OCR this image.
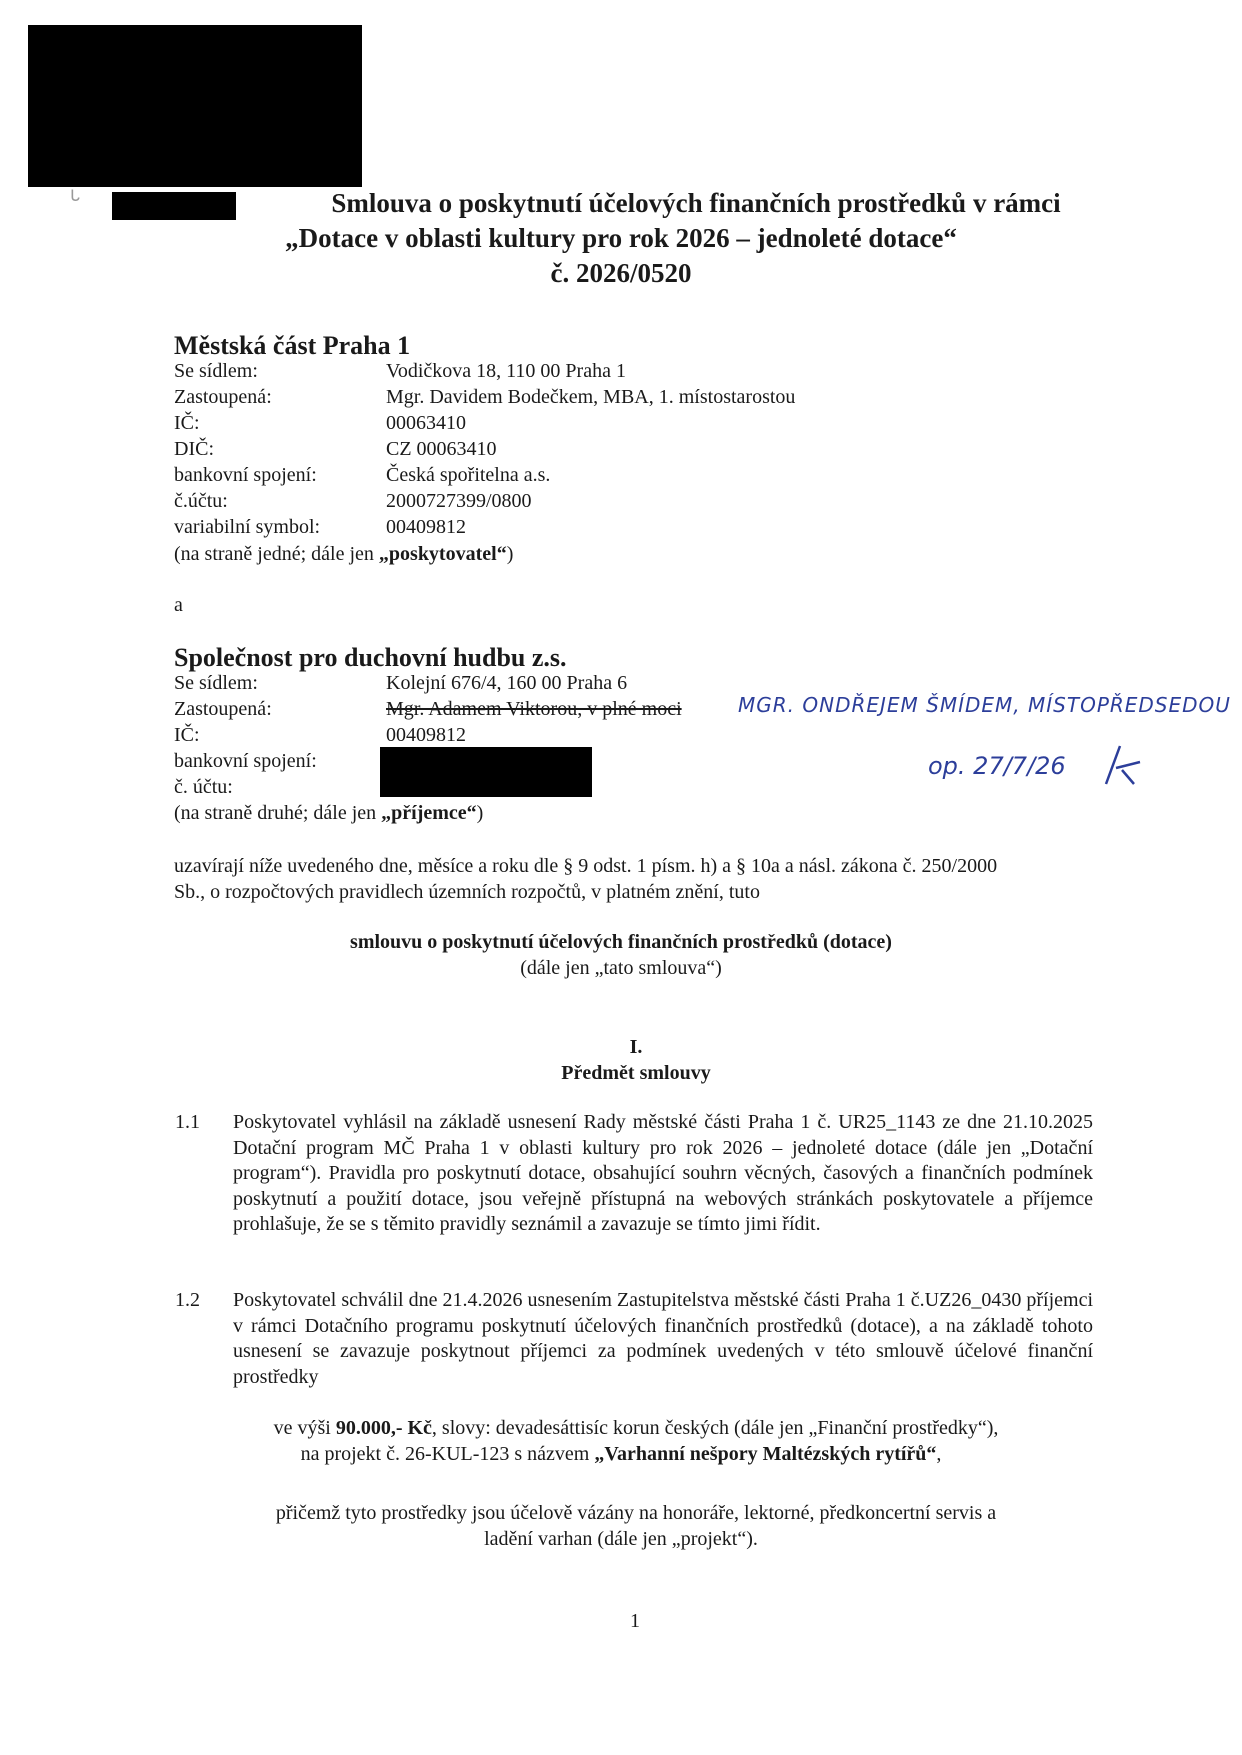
ᒐ	Smlouva o poskytnutí účelových finančních prostředků v rámci
„Dotace v oblasti kultury pro rok 2026 – jednoleté dotace“
č. 2026/0520
Městská část Praha 1
Se sídlem:	Vodičkova 18, 110 00 Praha 1
Zastoupená:	Mgr. Davidem Bodečkem, MBA, 1. místostarostou
IČ:	00063410
DIČ:	CZ 00063410
bankovní spojení:	Česká spořitelna a.s.
č.účtu:	2000727399/0800
variabilní symbol:	00409812
(na straně jedné; dále jen „poskytovatel“)
a
Společnost pro duchovní hudbu z.s.
Se sídlem:	Kolejní 676/4, 160 00 Praha 6
Zastoupená:	Mgr. Adamem Viktorou, v plné moci
IČ:	00409812
bankovní spojení:
č. účtu:
(na straně druhé; dále jen „příjemce“)
MGR. ONDŘEJEM ŠMÍDEM, MÍSTOPŘEDSEDOU
op. 27/7/26
uzavírají níže uvedeného dne, měsíce a roku dle § 9 odst. 1 písm. h) a § 10a a násl. zákona č. 250/2000
Sb., o rozpočtových pravidlech územních rozpočtů, v platném znění, tuto
smlouvu o poskytnutí účelových finančních prostředků (dotace)
(dále jen „tato smlouva“)
I.
Předmět smlouvy
1.1 Poskytovatel vyhlásil na základě usnesení Rady městské části Praha 1 č. UR25_1143 ze dne 21.10.2025 Dotační program MČ Praha 1 v oblasti kultury pro rok 2026 – jednoleté dotace (dále jen „Dotační program“). Pravidla pro poskytnutí dotace, obsahující souhrn věcných, časových a finančních podmínek poskytnutí a použití dotace, jsou veřejně přístupná na webových stránkách poskytovatele a příjemce prohlašuje, že se s těmito pravidly seznámil a zavazuje se tímto jimi řídit.
1.2 Poskytovatel schválil dne 21.4.2026 usnesením Zastupitelstva městské části Praha 1 č.UZ26_0430 příjemci v rámci Dotačního programu poskytnutí účelových finančních prostředků (dotace), a na základě tohoto usnesení se zavazuje poskytnout příjemci za podmínek uvedených v této smlouvě účelové finanční prostředky
ve výši 90.000,- Kč, slovy: devadesáttisíc korun českých (dále jen „Finanční prostředky“),
na projekt č. 26-KUL-123 s názvem „Varhanní nešpory Maltézských rytířů“,
přičemž tyto prostředky jsou účelově vázány na honoráře, lektorné, předkoncertní servis a
ladění varhan (dále jen „projekt“).
1
